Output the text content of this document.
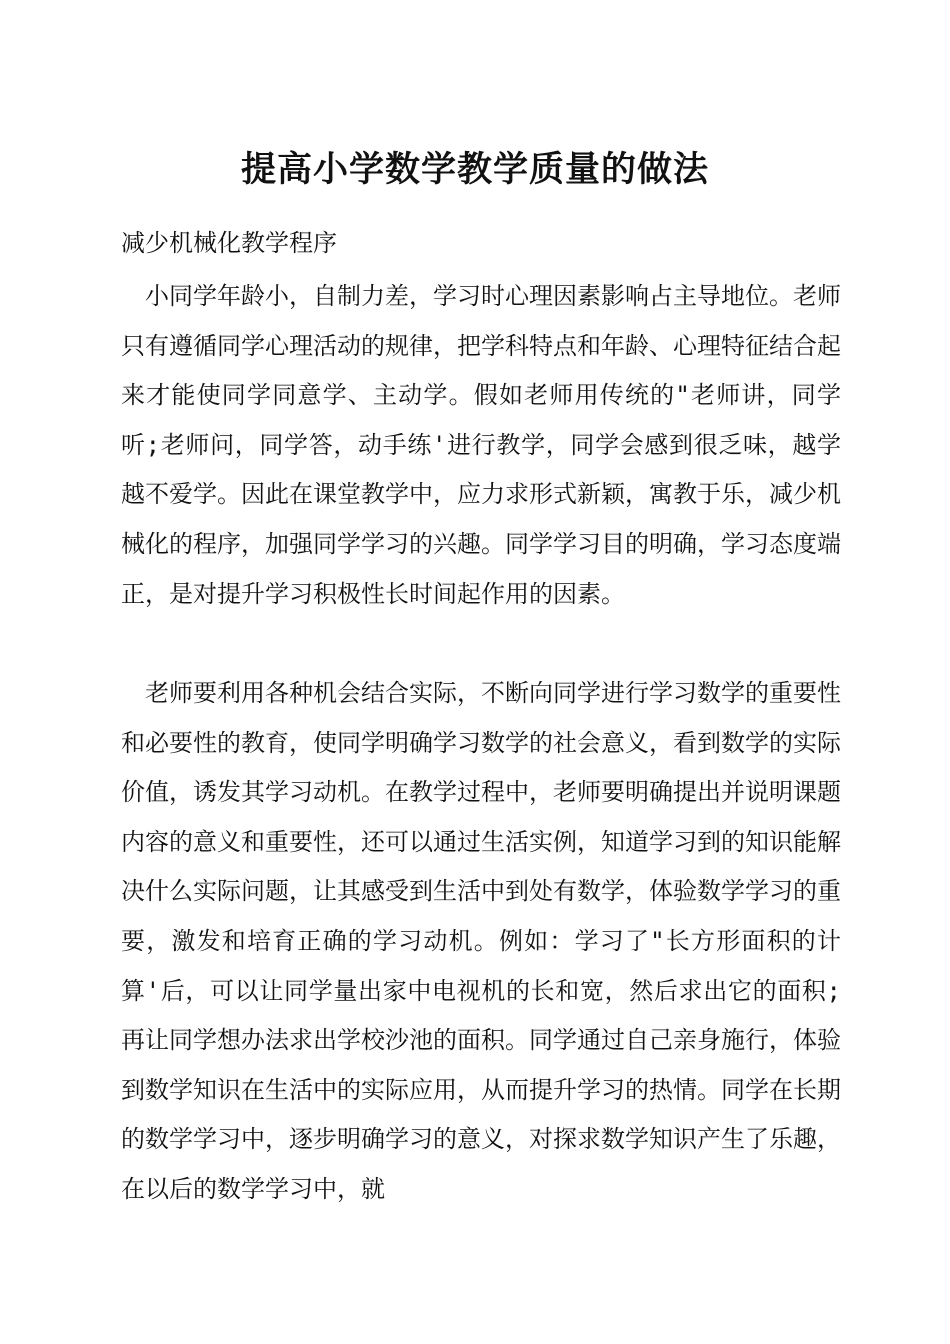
提高小学数学教学质量的做法

减少机械化教学程序

小同学年龄小，自制力差，学习时心理因素影响占主导地位。老师只有遵循同学心理活动的规律，把学科特点和年龄、心理特征结合起来才能使同学同意学、主动学。假如老师用传统的"老师讲，同学听;老师问，同学答，动手练'进行教学，同学会感到很乏味，越学越不爱学。因此在课堂教学中，应力求形式新颖，寓教于乐，减少机械化的程序，加强同学学习的兴趣。同学学习目的明确，学习态度端正，是对提升学习积极性长时间起作用的因素。

老师要利用各种机会结合实际，不断向同学进行学习数学的重要性和必要性的教育，使同学明确学习数学的社会意义，看到数学的实际价值，诱发其学习动机。在教学过程中，老师要明确提出并说明课题内容的意义和重要性，还可以通过生活实例，知道学习到的知识能解决什么实际问题，让其感受到生活中到处有数学，体验数学学习的重要，激发和培育正确的学习动机。例如：学习了"长方形面积的计算'后，可以让同学量出家中电视机的长和宽，然后求出它的面积;再让同学想办法求出学校沙池的面积。同学通过自己亲身施行，体验到数学知识在生活中的实际应用，从而提升学习的热情。同学在长期的数学学习中，逐步明确学习的意义，对探求数学知识产生了乐趣，在以后的数学学习中，就
